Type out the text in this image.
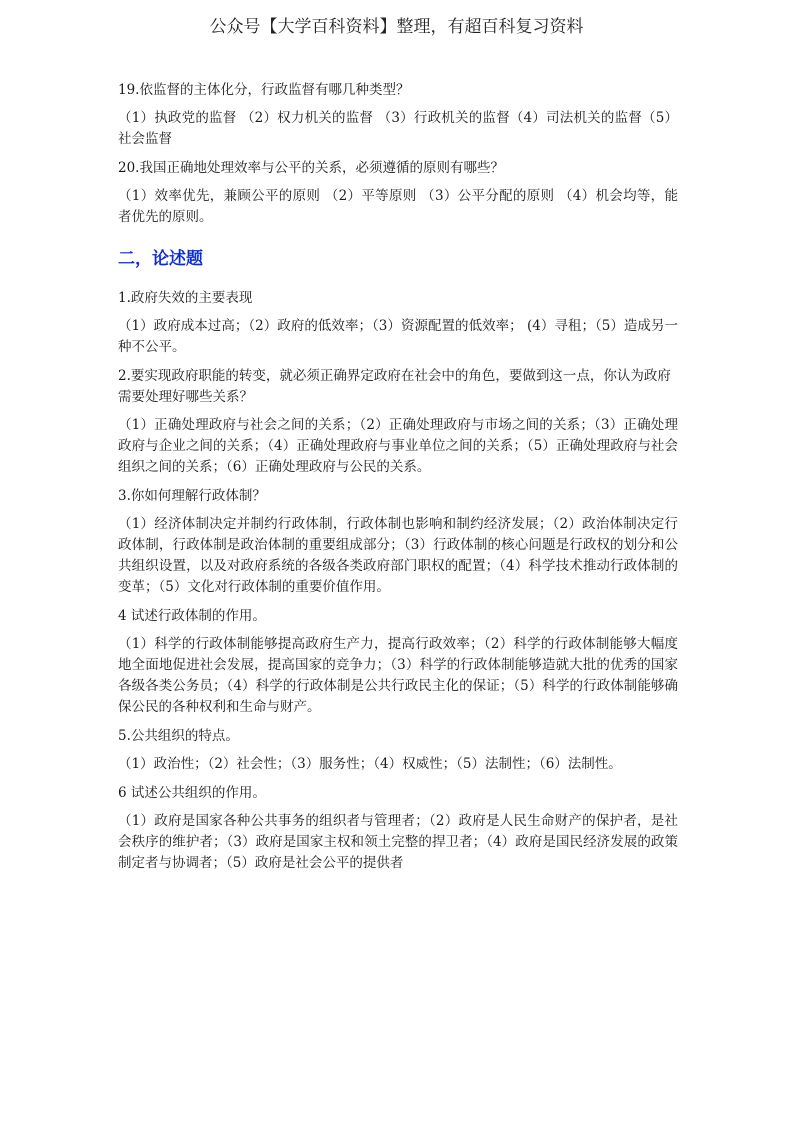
公众号【大学百科资料】整理，有超百科复习资料

19.依监督的主体化分，行政监督有哪几种类型？

（1）执政党的监督 （2）权力机关的监督 （3）行政机关的监督（4）司法机关的监督（5）社会监督

20.我国正确地处理效率与公平的关系，必须遵循的原则有哪些？

（1）效率优先，兼顾公平的原则 （2）平等原则 （3）公平分配的原则 （4）机会均等，能者优先的原则。

二，论述题

1.政府失效的主要表现

（1）政府成本过高；（2）政府的低效率；（3）资源配置的低效率； (4）寻租；（5）造成另一种不公平。

2.要实现政府职能的转变，就必须正确界定政府在社会中的角色，要做到这一点，你认为政府需要处理好哪些关系？

（1）正确处理政府与社会之间的关系；（2）正确处理政府与市场之间的关系；（3）正确处理政府与企业之间的关系；（4）正确处理政府与事业单位之间的关系；（5）正确处理政府与社会组织之间的关系；（6）正确处理政府与公民的关系。

3.你如何理解行政体制？

（1）经济体制决定并制约行政体制，行政体制也影响和制约经济发展；（2）政治体制决定行政体制，行政体制是政治体制的重要组成部分；（3）行政体制的核心问题是行政权的划分和公共组织设置，以及对政府系统的各级各类政府部门职权的配置；（4）科学技术推动行政体制的变革；（5）文化对行政体制的重要价值作用。

4 试述行政体制的作用。

（1）科学的行政体制能够提高政府生产力，提高行政效率；（2）科学的行政体制能够大幅度地全面地促进社会发展，提高国家的竞争力；（3）科学的行政体制能够造就大批的优秀的国家各级各类公务员；（4）科学的行政体制是公共行政民主化的保证；（5）科学的行政体制能够确保公民的各种权利和生命与财产。

5.公共组织的特点。

（1）政治性；（2）社会性；（3）服务性；（4）权威性；（5）法制性；（6）法制性。

6 试述公共组织的作用。

（1）政府是国家各种公共事务的组织者与管理者；（2）政府是人民生命财产的保护者，是社会秩序的维护者；（3）政府是国家主权和领土完整的捍卫者；（4）政府是国民经济发展的政策制定者与协调者；（5）政府是社会公平的提供者
